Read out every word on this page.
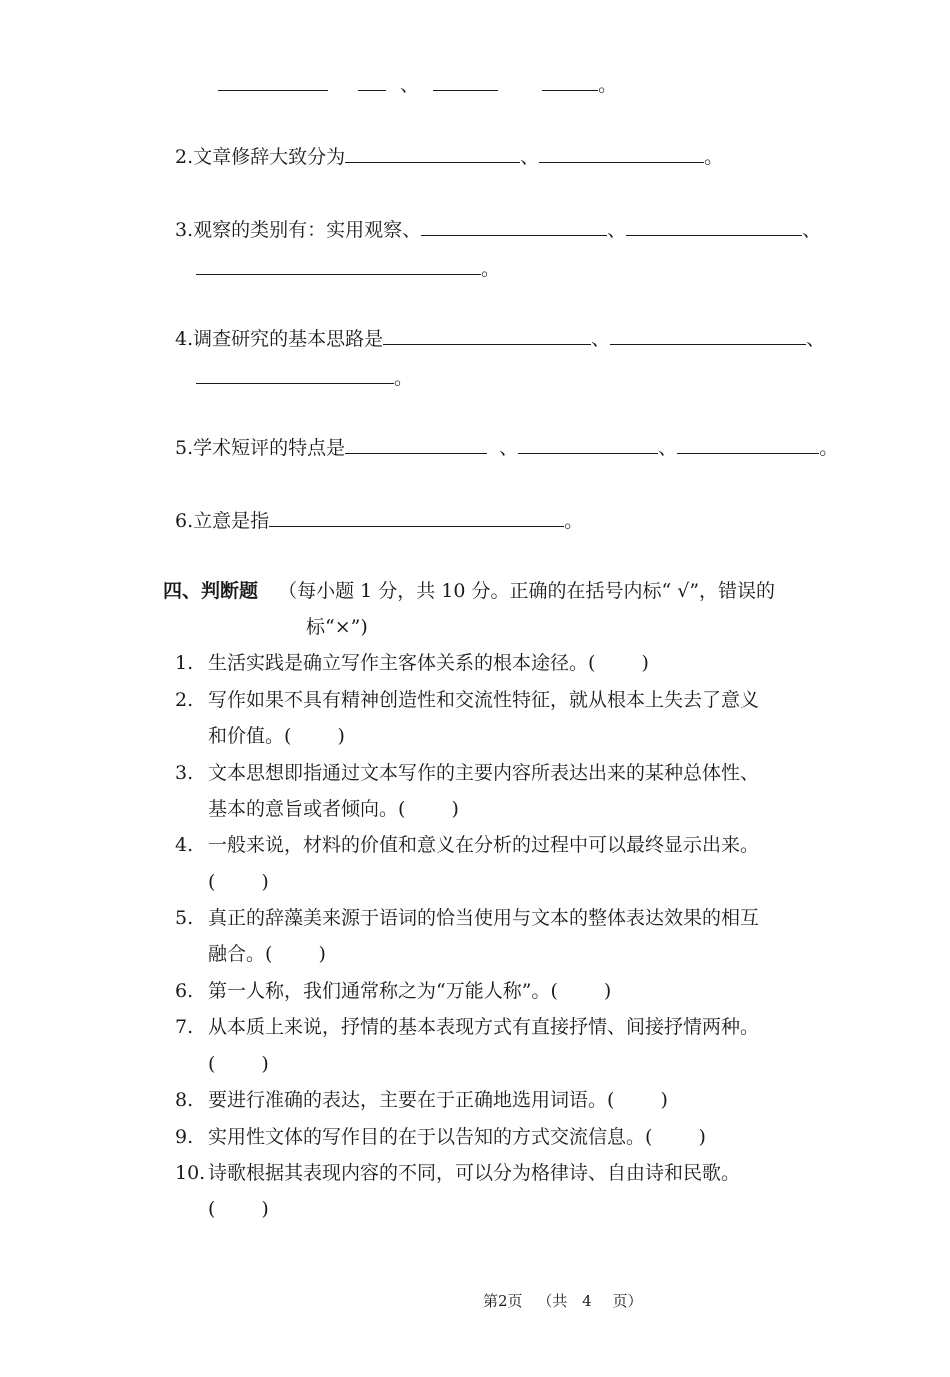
、	。
2.文章修辞大致分为	、	。
3.观察的类别有：实用观察、	、	、
。
4.调查研究的基本思路是	、	、
。
5.学术短评的特点是	、	、	。
6.立意是指	。
四、判断题 （每小题 1 分，共 10 分。正确的在括号内标“ √”，错误的
标“×”)
1. 生活实践是确立写作主客体关系的根本途径。( )
2. 写作如果不具有精神创造性和交流性特征，就从根本上失去了意义
和价值。( )
3. 文本思想即指通过文本写作的主要内容所表达出来的某种总体性、
基本的意旨或者倾向。( )
4. 一般来说，材料的价值和意义在分析的过程中可以最终显示出来。
( )
5. 真正的辞藻美来源于语词的恰当使用与文本的整体表达效果的相互
融合。( )
6. 第一人称，我们通常称之为“万能人称”。( )
7. 从本质上来说，抒情的基本表现方式有直接抒情、间接抒情两种。
( )
8. 要进行准确的表达，主要在于正确地选用词语。( )
9. 实用性文体的写作目的在于以告知的方式交流信息。( )
10. 诗歌根据其表现内容的不同，可以分为格律诗、自由诗和民歌。
( )
第2页 （共 4 页）
